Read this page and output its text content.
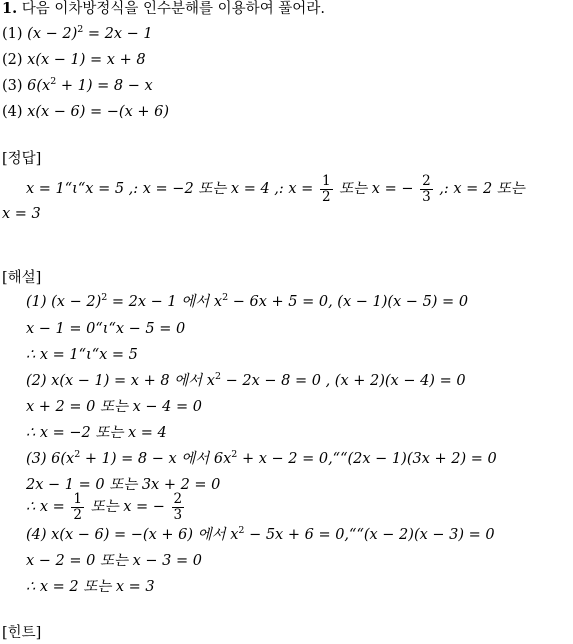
1. 다음 이차방정식을 인수분해를 이용하여 풀어라.
(1) $(x - 2)^2 = 2x - 1$
(2) x(x − 1) = x + 8
(3) $6(x^2 + 1) = 8 - x$
(4) x(x − 6) = −(x + 6)
[정답]
x = 1“ι“x = 5 ,: x = −2 또는 x = 4 ,: $x = \frac{1}{2}$ 또는 x = − $\frac{2}{3}$ ,: x = 2 또는
x = 3
[해설]
(1) $(x - 2)^2 = 2x - 1$ 에서 $x^2 - 6x + 5 = 0$, (x − 1)(x − 5) = 0
x − 1 = 0“ι“x − 5 = 0
∴ x = 1“ι“x = 5
(2) x(x − 1) = x + 8 에서 $x^2 - 2x - 8 = 0$ , (x + 2)(x − 4) = 0
x + 2 = 0 또는 x − 4 = 0
∴ x = −2 또는 x = 4
(3) $6(x^2 + 1) = 8 - x$ 에서 $6x^2 + x - 2$ = 0,““(2x − 1)(3x + 2) = 0
2x − 1 = 0 또는 3x + 2 = 0
∴ $x = \frac{1}{2}$ 또는 x = − $\frac{2}{3}$
(4) x(x − 6) = −(x + 6) 에서 $x^2 - 5x + 6$ = 0,““(x − 2)(x − 3) = 0
x − 2 = 0 또는 x − 3 = 0
∴ x = 2 또는 x = 3
[힌트]
